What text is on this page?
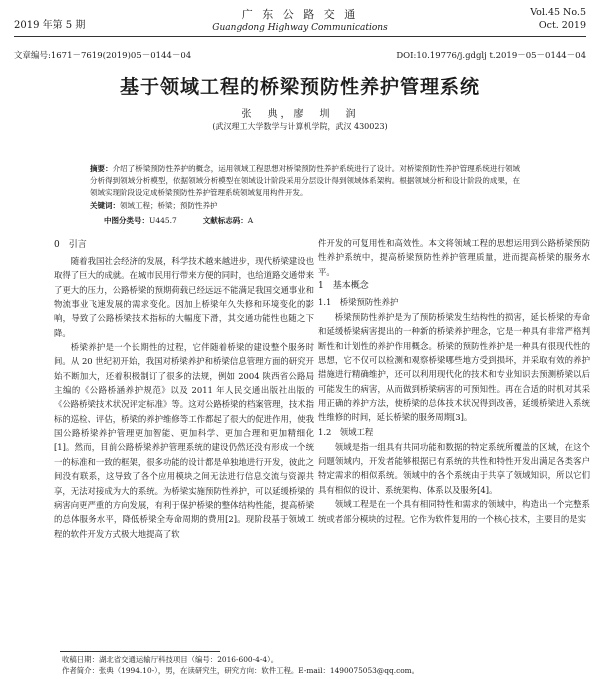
2019 年第 5 期
广 东 公 路 交 通
Guangdong Highway Communications
Vol.45 No.5
Oct. 2019
文章编号:1671－7619(2019)05－0144－04	DOI:10.19776/j.gdglj t.2019－05－0144－04
基于领域工程的桥梁预防性养护管理系统
张　典，廖　圳　润
(武汉理工大学数学与计算机学院，武汉 430023)
摘要：介绍了桥梁预防性养护的概念，运用领域工程思想对桥梁预防性养护系统进行了设计。对桥梁预防性养护管理系统进行领域分析得到领域分析模型，依据领域分析模型在领域设计阶段采用分层设计得到领域体系架构。根据领域分析和设计阶段的成果，在领域实现阶段设定成桥梁预防性养护管理系统领域复用构件开发。
关键词：领域工程；桥梁；预防性养护
中图分类号：U445.7	文献标志码：A
0　引言

随着我国社会经济的发展，科学技术越来越进步，现代桥梁建设也取得了巨大的成就。在城市民用行带来方便的同时，也给道路交通带来了更大的压力，公路桥梁的预期荷载已经远远不能满足我国交通事业和物流事业飞速发展的需求变化。因加上桥梁年久失修和环境变化的影响，导致了公路桥梁技术指标的大幅度下滑，其交通功能性也随之下降。

桥梁养护是一个长期性的过程，它伴随着桥梁的建设整个服务时间。从 20 世纪初开始，我国对桥梁养护和桥梁信息管理方面的研究开始不断加大，还着积极制订了很多的法规，例如 2004 陕西省公路局主编的《公路桥涵养护规范》以及 2011 年人民交通出版社出版的《公路桥梁技术状况评定标准》等。这对公路桥梁的档案管理，技术指标的巡检、评估，桥梁的养护维修等工作都起了很大的促进作用，使我国公路桥梁养护管理更加智能、更加科学、更加合理和更加精细化[1]。然而，目前公路桥梁养护管理系统的建设仍然还没有形成一个统一的标准和一致的框架，很多功能的设计都是单独地进行开发，彼此之间没有联系，这导致了各个应用模块之间无法进行信息交流与资源共享，无法对接成为大的系统。为桥梁实施预防性养护，可以延缓桥梁的病害向更严重的方向发展，有利于保护桥梁的整体结构性能，提高桥梁的总体服务水平，降低桥梁全寿命周期的费用[2]。现阶段基于领域工程的软件开发方式极大地提高了软

件开发的可复用性和高效性。本文将领域工程的思想运用到公路桥梁预防性养护系统中，提高桥梁预防性养护管理质量，进而提高桥梁的服务水平。

1　基本概念
1.1　桥梁预防性养护

桥梁预防性养护是为了预防桥梁发生结构性的损害，延长桥梁的寿命和延缓桥梁病害提出的一种新的桥梁养护理念，它是一种具有非常严格判断性和计划性的养护作用概念。桥梁的预防性养护是一种具有很现代性的思想，它不仅可以检测和观察桥梁哪些地方受到损坏，并采取有效的养护措施进行精确维护，还可以利用现代化的技术和专业知识去预测桥梁以后可能发生的病害，从而做到桥梁病害的可预知性。再在合适的时机对其采用正确的养护方法，使桥梁的总体技术状况得到改善，延缓桥梁进入系统性维修的时间，延长桥梁的服务周期[3]。

1.2　领域工程

领域是指一组具有共同功能和数据的特定系统所覆盖的区域，在这个问题领域内，开发者能够根据已有系统的共性和特性开发出满足各类客户特定需求的相似系统。领域中的各个系统由于共享了领域知识，所以它们具有相似的设计、系统架构、体系以及服务[4]。

领域工程是在一个具有相同特性和需求的领域中，构造出一个完整系统或者部分模块的过程。它作为软件复用的一个核心技术，主要目的是实

收稿日期：湖北省交通运输厅科技项目（编号：2016-600-4-4）。
作者简介：张典（1994.10-），男，在读研究生，研究方向：软件工程。E-mail：1490075053@qq.com。
